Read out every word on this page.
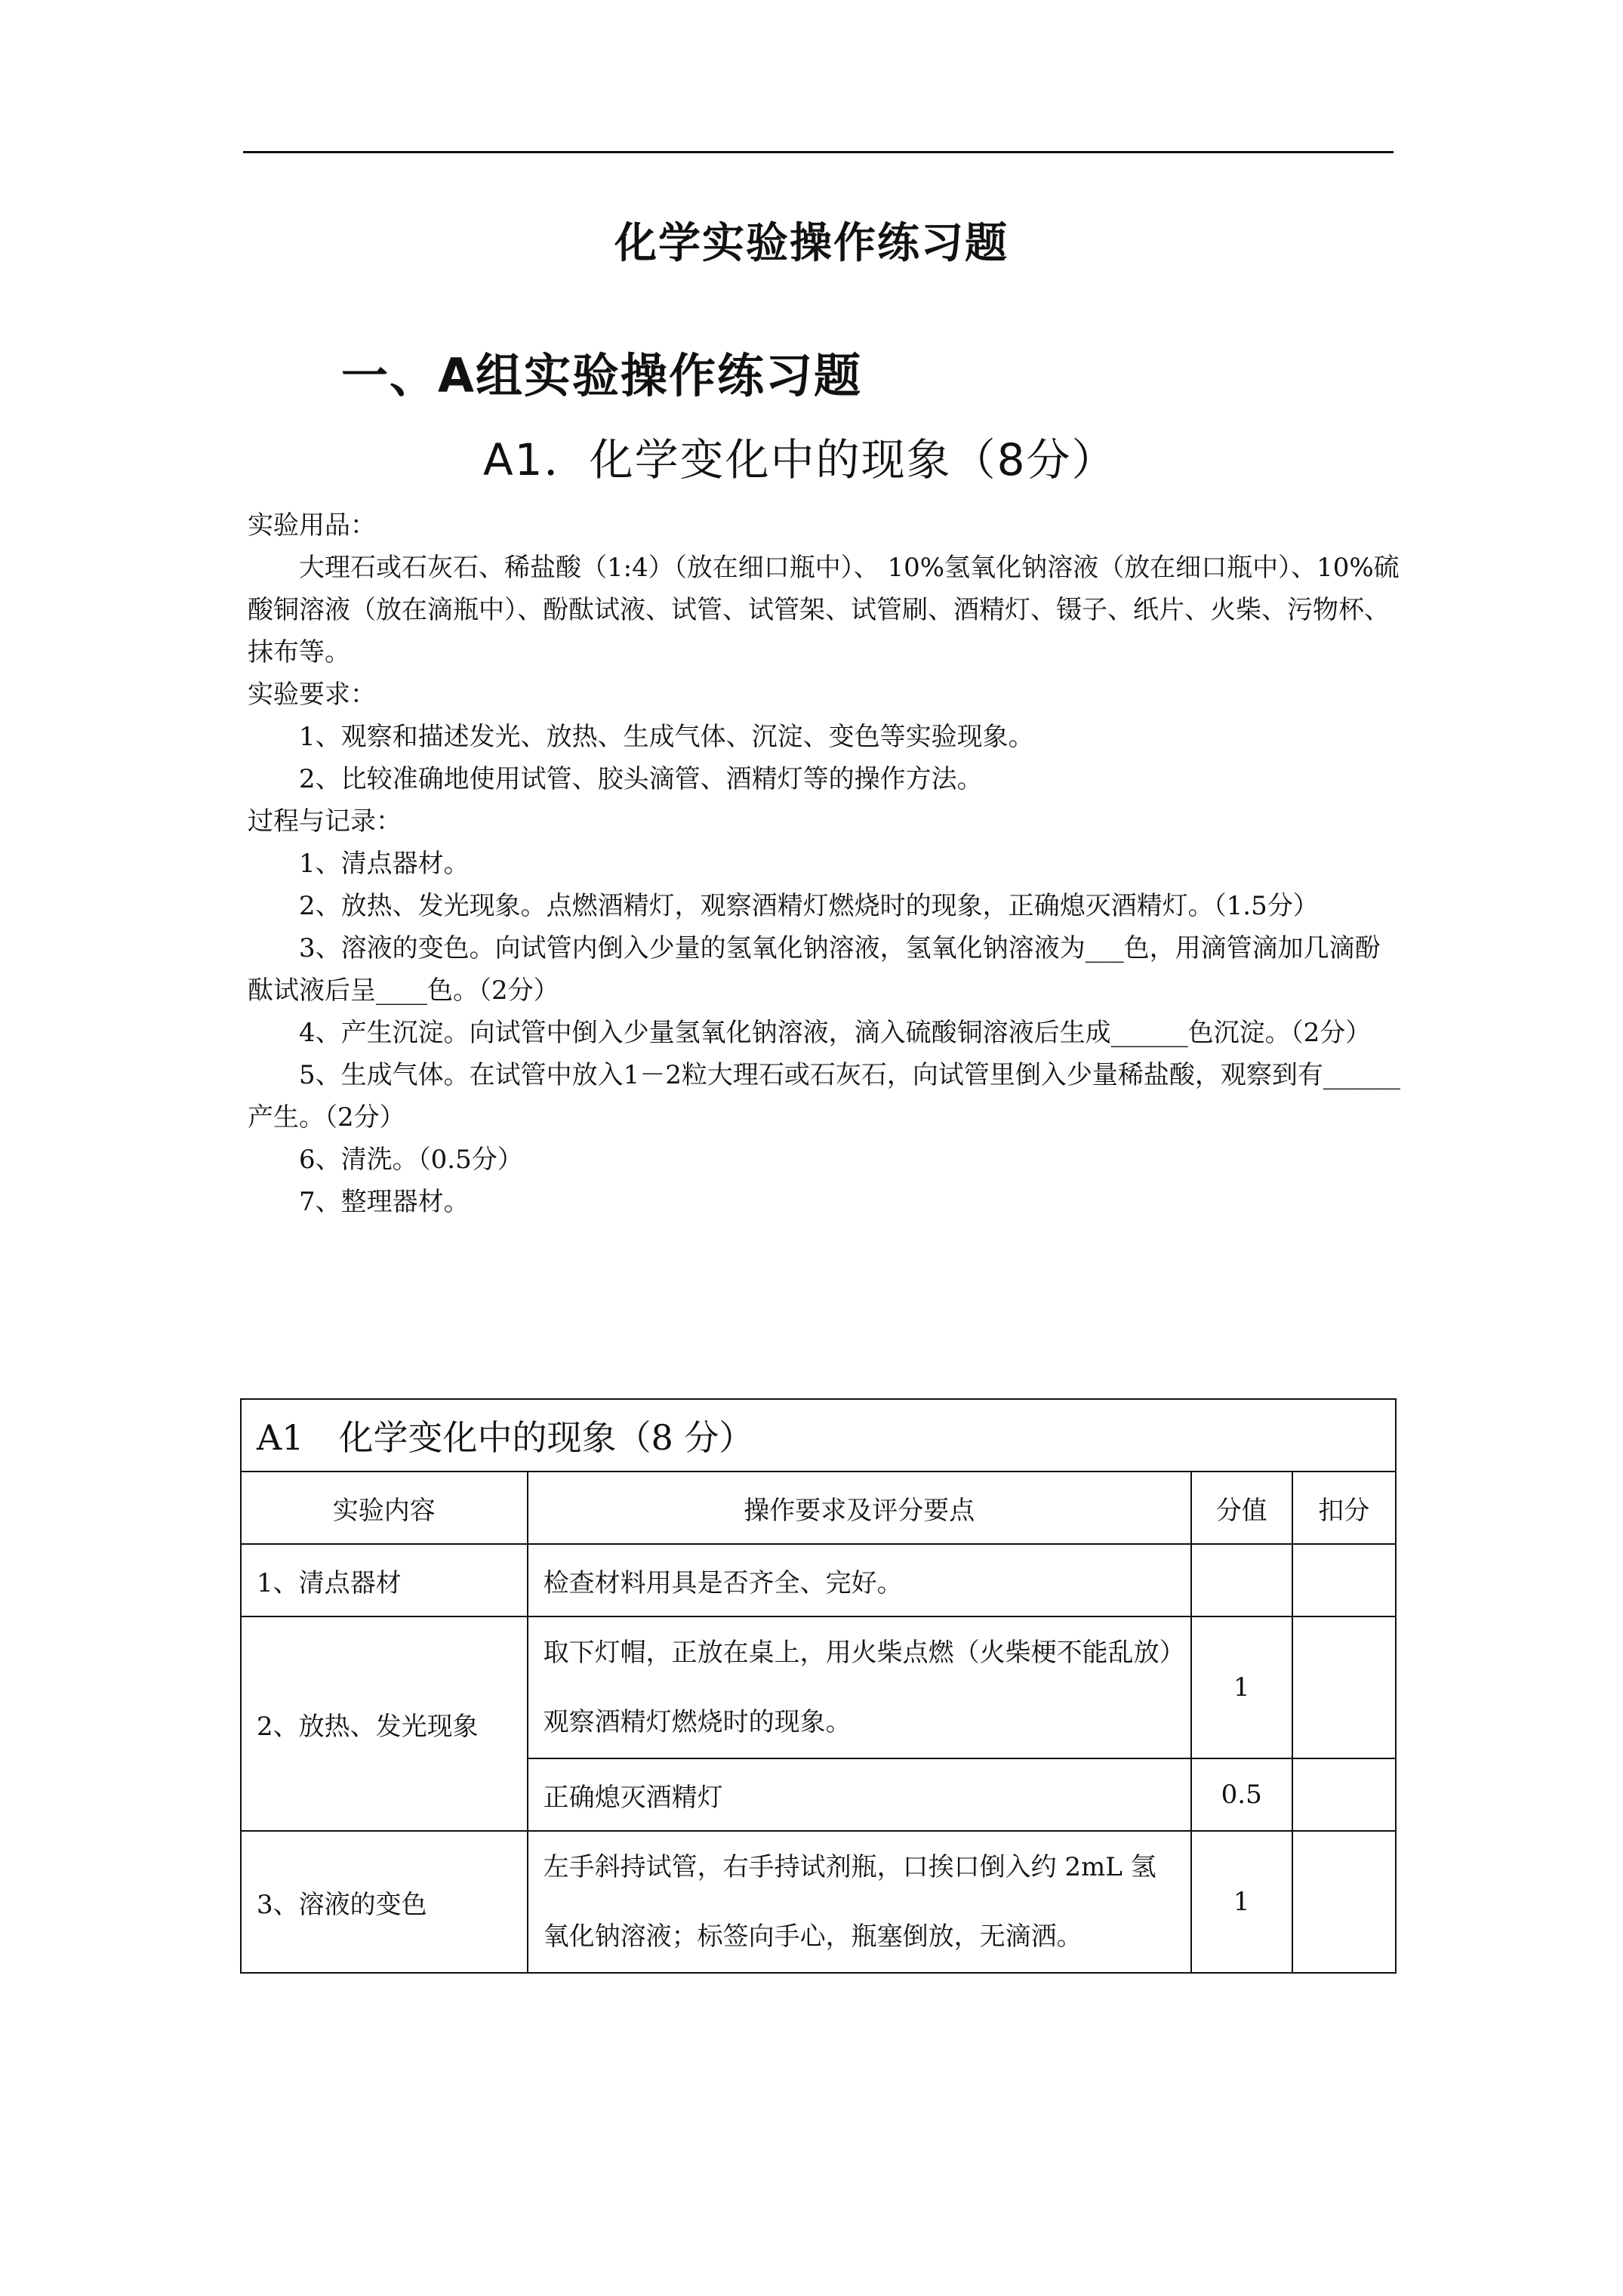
化学实验操作练习题
一、A组实验操作练习题
A1．化学变化中的现象（8分）

实验用品：

大理石或石灰石、稀盐酸（1:4）（放在细口瓶中）、 10%氢氧化钠溶液（放在细口瓶中）、10%硫酸铜溶液（放在滴瓶中）、酚酞试液、试管、试管架、试管刷、酒精灯、镊子、纸片、火柴、污物杯、抹布等。

实验要求：

1、观察和描述发光、放热、生成气体、沉淀、变色等实验现象。

2、比较准确地使用试管、胶头滴管、酒精灯等的操作方法。

过程与记录：

1、清点器材。

2、放热、发光现象。点燃酒精灯，观察酒精灯燃烧时的现象，正确熄灭酒精灯。（1.5分）

3、溶液的变色。向试管内倒入少量的氢氧化钠溶液，氢氧化钠溶液为___色，用滴管滴加几滴酚酞试液后呈____色。（2分）

4、产生沉淀。向试管中倒入少量氢氧化钠溶液，滴入硫酸铜溶液后生成______色沉淀。（2分）

5、生成气体。在试管中放入1－2粒大理石或石灰石，向试管里倒入少量稀盐酸，观察到有______产生。（2分）

6、清洗。（0.5分）

7、整理器材。

A1　化学变化中的现象（8 分）			
实验内容	操作要求及评分要点	分值	扣分
1、清点器材	检查材料用具是否齐全、完好。		
2、放热、发光现象	取下灯帽，正放在桌上，用火柴点燃（火柴梗不能乱放）观察酒精灯燃烧时的现象。	1	
	正确熄灭酒精灯	0.5	
3、溶液的变色	左手斜持试管，右手持试剂瓶，口挨口倒入约 2mL 氢氧化钠溶液；标签向手心，瓶塞倒放，无滴洒。	1	
